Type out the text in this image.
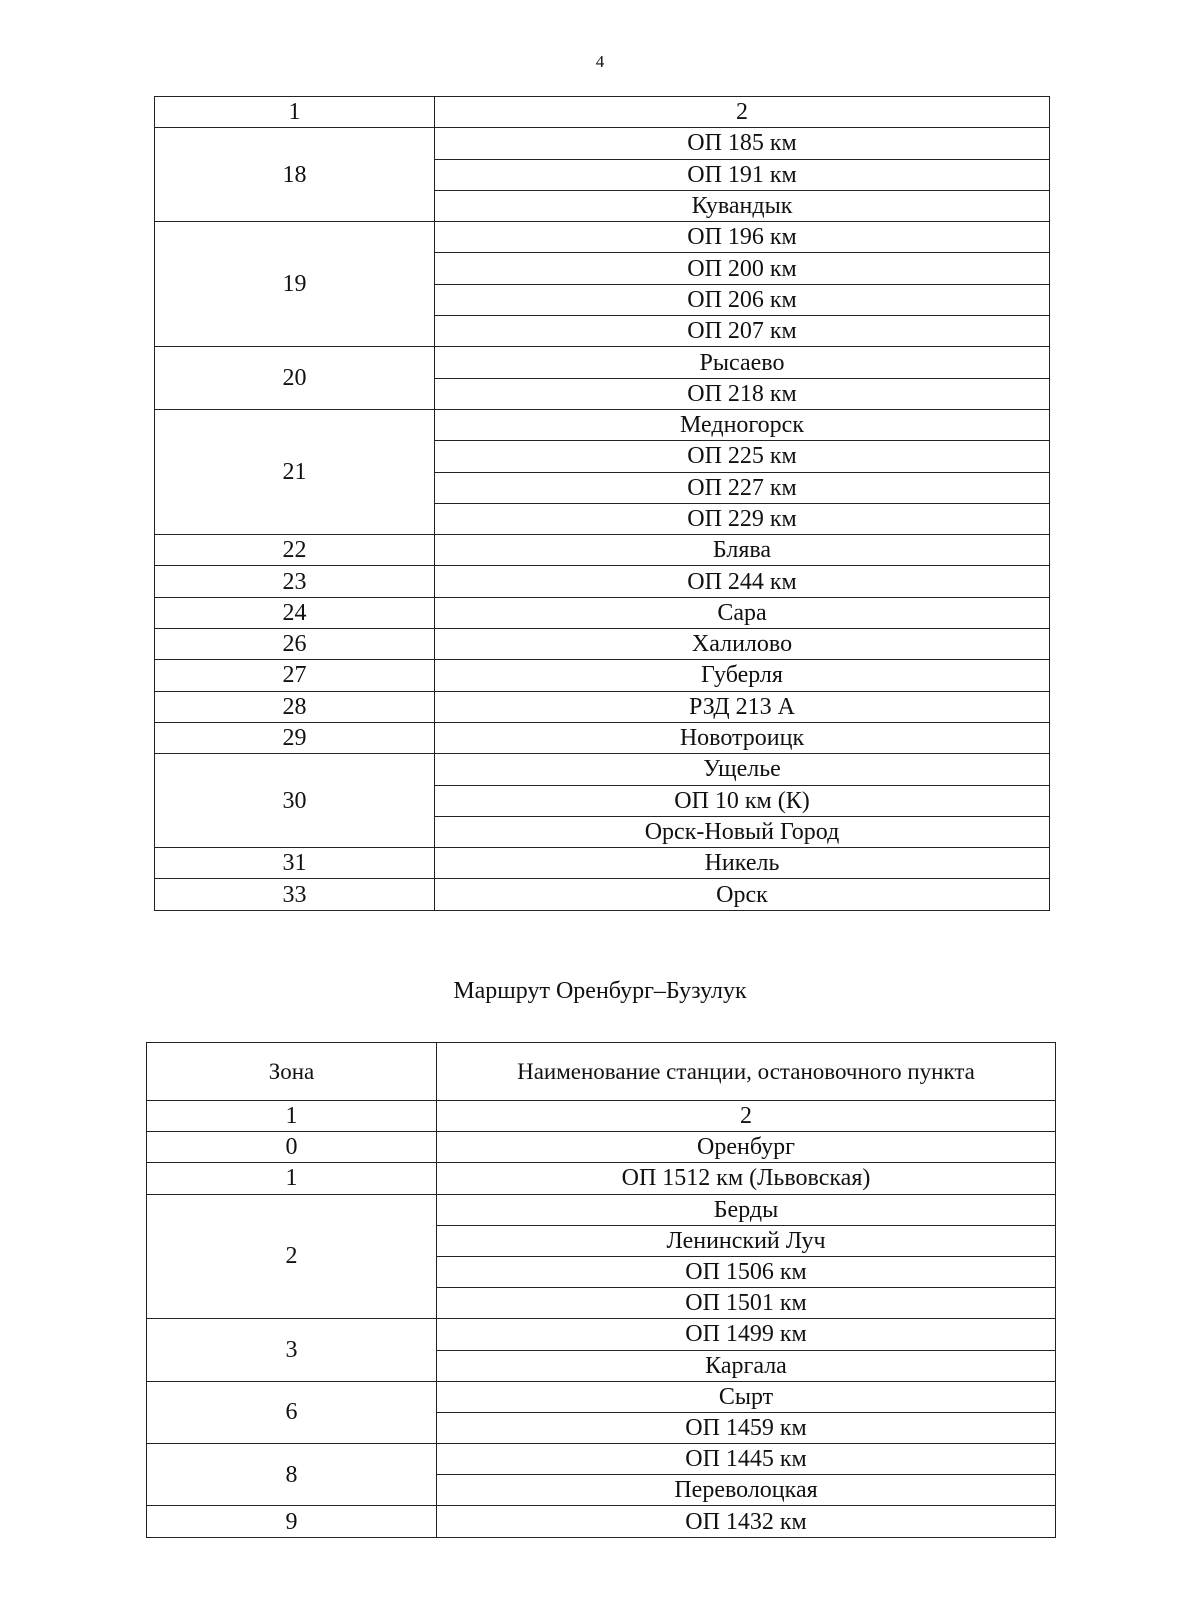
4
1	2
18	ОП 185 км
	ОП 191 км
	Кувандык
19	ОП 196 км
	ОП 200 км
	ОП 206 км
	ОП 207 км
20	Рысаево
	ОП 218 км
21	Медногорск
	ОП 225 км
	ОП 227 км
	ОП 229 км
22	Блява
23	ОП 244 км
24	Сара
26	Халилово
27	Губерля
28	РЗД 213 А
29	Новотроицк
30	Ущелье
	ОП 10 км (К)
	Орск-Новый Город
31	Никель
33	Орск
Маршрут Оренбург–Бузулук
Зона	Наименование станции, остановочного пункта
1	2
0	Оренбург
1	ОП 1512 км (Львовская)
2	Берды
	Ленинский Луч
	ОП 1506 км
	ОП 1501 км
3	ОП 1499 км
	Каргала
6	Сырт
	ОП 1459 км
8	ОП 1445 км
	Переволоцкая
9	ОП 1432 км
